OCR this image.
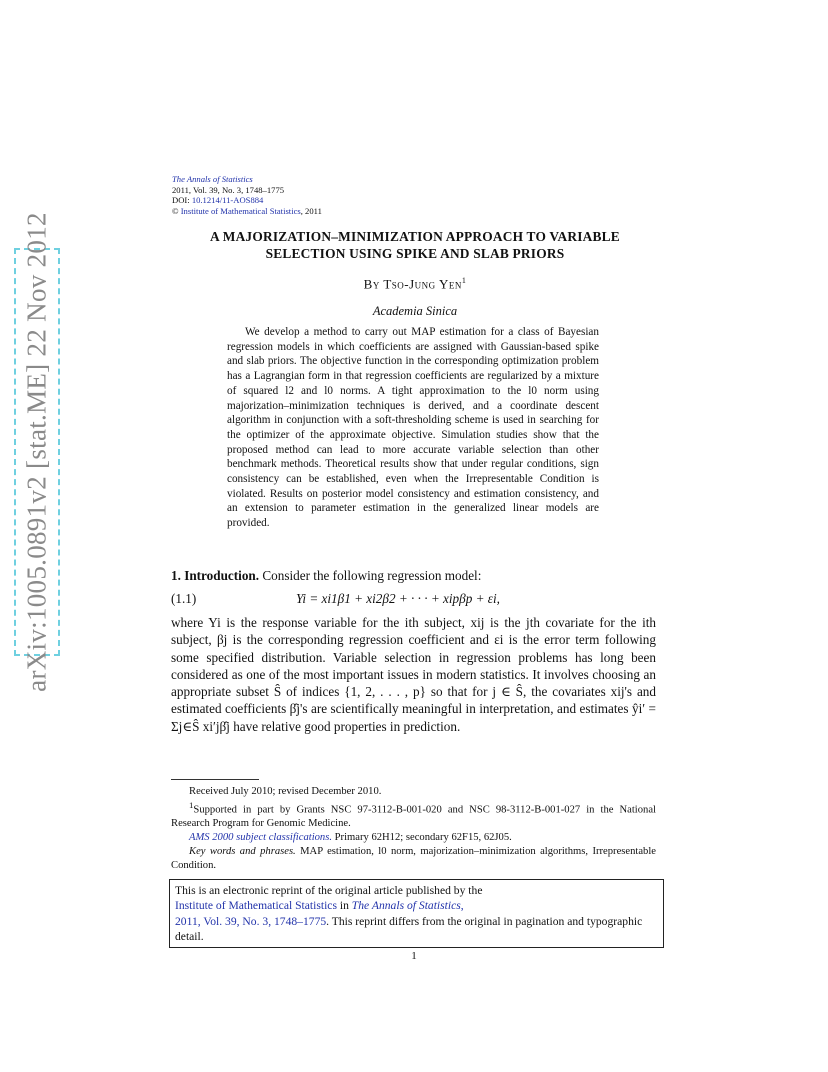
arXiv:1005.0891v2 [stat.ME] 22 Nov 2012
The Annals of Statistics
2011, Vol. 39, No. 3, 1748–1775
DOI: 10.1214/11-AOS884
© Institute of Mathematical Statistics, 2011
A MAJORIZATION–MINIMIZATION APPROACH TO VARIABLE
SELECTION USING SPIKE AND SLAB PRIORS
By Tso-Jung Yen$^1$
Academia Sinica
We develop a method to carry out MAP estimation for a class of Bayesian regression models in which coefficients are assigned with Gaussian-based spike and slab priors. The objective function in the corresponding optimization problem has a Lagrangian form in that regression coefficients are regularized by a mixture of squared l2 and l0 norms. A tight approximation to the l0 norm using majorization–minimization techniques is derived, and a coordinate descent algorithm in conjunction with a soft-thresholding scheme is used in searching for the optimizer of the approximate objective. Simulation studies show that the proposed method can lead to more accurate variable selection than other benchmark methods. Theoretical results show that under regular conditions, sign consistency can be established, even when the Irrepresentable Condition is violated. Results on posterior model consistency and estimation consistency, and an extension to parameter estimation in the generalized linear models are provided.
1. Introduction. Consider the following regression model:
(1.1)	Yi = xi1β1 + xi2β2 + · · · + xipβp + εi,
where Yi is the response variable for the ith subject, xij is the jth covariate for the ith subject, βj is the corresponding regression coefficient and εi is the error term following some specified distribution. Variable selection in regression problems has long been considered as one of the most important issues in modern statistics. It involves choosing an appropriate subset Ŝ of indices {1, 2, . . . , p} so that for j ∈ Ŝ, the covariates xij's and estimated coefficients β̂j's are scientifically meaningful in interpretation, and estimates ŷi′ = Σj∈Ŝ xi′jβ̂j have relative good properties in prediction.
Received July 2010; revised December 2010.
$^1$Supported in part by Grants NSC 97-3112-B-001-020 and NSC 98-3112-B-001-027 in the National Research Program for Genomic Medicine.
AMS 2000 subject classifications. Primary 62H12; secondary 62F15, 62J05.
Key words and phrases. MAP estimation, l0 norm, majorization–minimization algorithms, Irrepresentable Condition.
This is an electronic reprint of the original article published by the
Institute of Mathematical Statistics in The Annals of Statistics,
2011, Vol. 39, No. 3, 1748–1775. This reprint differs from the original in pagination and typographic detail.
1
